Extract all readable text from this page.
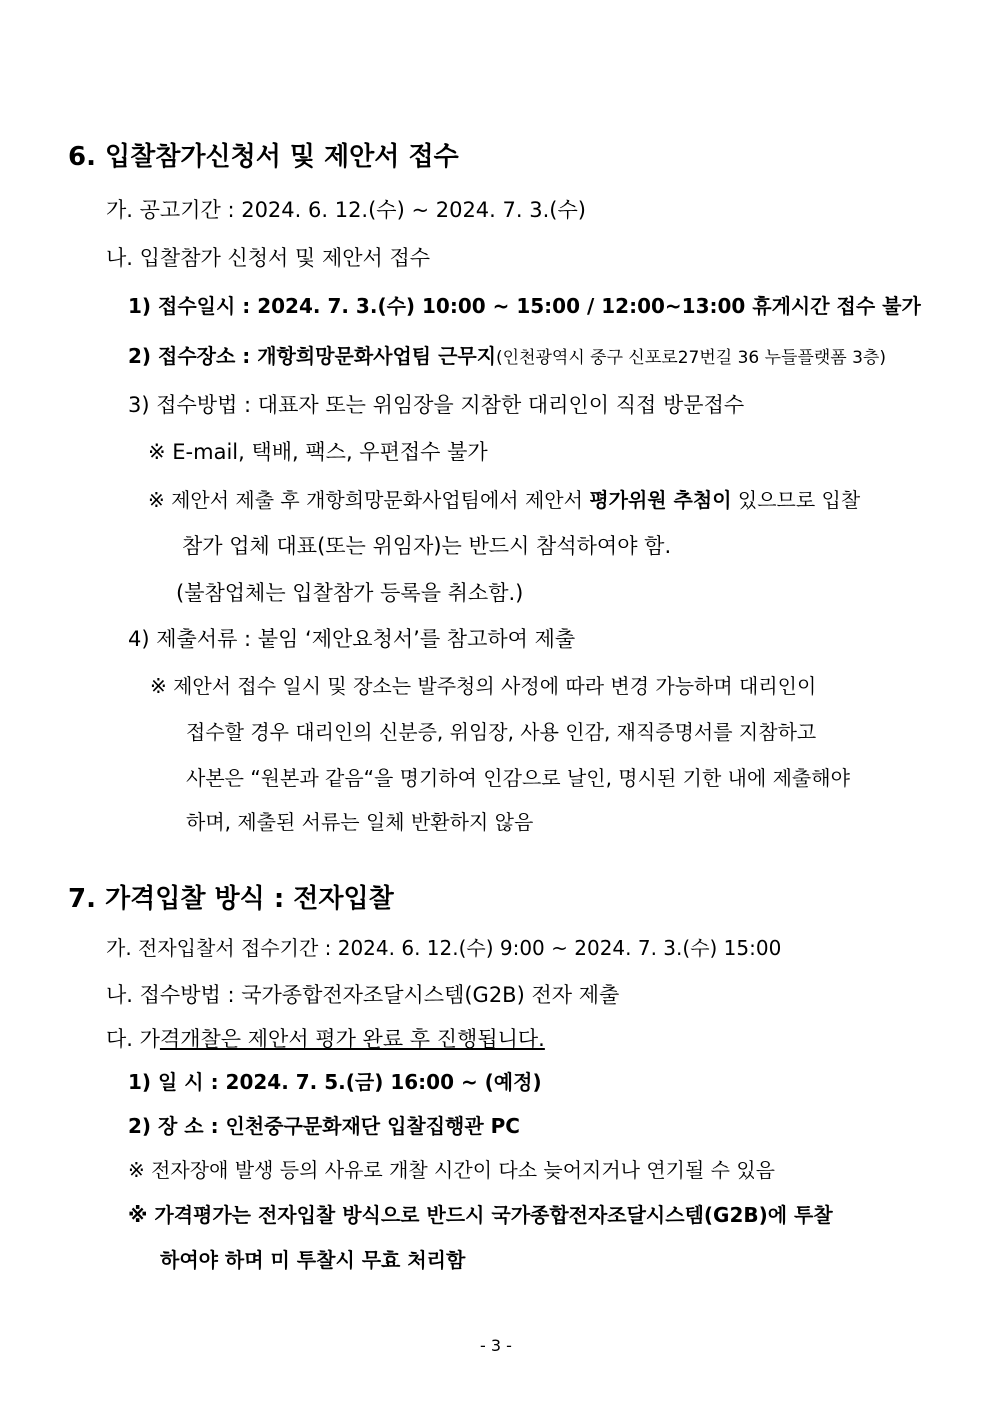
6. 입찰참가신청서 및 제안서 접수
가. 공고기간 : 2024. 6. 12.(수) ~ 2024. 7. 3.(수)
나. 입찰참가 신청서 및 제안서 접수
1) 접수일시 : 2024. 7. 3.(수) 10:00 ~ 15:00 / 12:00~13:00 휴게시간 접수 불가
2) 접수장소 : 개항희망문화사업팀 근무지(인천광역시 중구 신포로27번길 36 누들플랫폼 3층)
3) 접수방법 : 대표자 또는 위임장을 지참한 대리인이 직접 방문접수
※ E-mail, 택배, 팩스, 우편접수 불가
※ 제안서 제출 후 개항희망문화사업팀에서 제안서 평가위원 추첨이 있으므로 입찰
참가 업체 대표(또는 위임자)는 반드시 참석하여야 함.
(불참업체는 입찰참가 등록을 취소함.)
4) 제출서류 : 붙임 ‘제안요청서’를 참고하여 제출
※ 제안서 접수 일시 및 장소는 발주청의 사정에 따라 변경 가능하며 대리인이
접수할 경우 대리인의 신분증, 위임장, 사용 인감, 재직증명서를 지참하고
사본은 “원본과 같음“을 명기하여 인감으로 날인, 명시된 기한 내에 제출해야
하며, 제출된 서류는 일체 반환하지 않음
7. 가격입찰 방식 : 전자입찰
가. 전자입찰서 접수기간 : 2024. 6. 12.(수) 9:00 ~ 2024. 7. 3.(수) 15:00
나. 접수방법 : 국가종합전자조달시스템(G2B) 전자 제출
다. 가격개찰은 제안서 평가 완료 후 진행됩니다.
1) 일 시 : 2024. 7. 5.(금) 16:00 ~ (예정)
2) 장 소 : 인천중구문화재단 입찰집행관 PC
※ 전자장애 발생 등의 사유로 개찰 시간이 다소 늦어지거나 연기될 수 있음
※ 가격평가는 전자입찰 방식으로 반드시 국가종합전자조달시스템(G2B)에 투찰
하여야 하며 미 투찰시 무효 처리함
- 3 -
